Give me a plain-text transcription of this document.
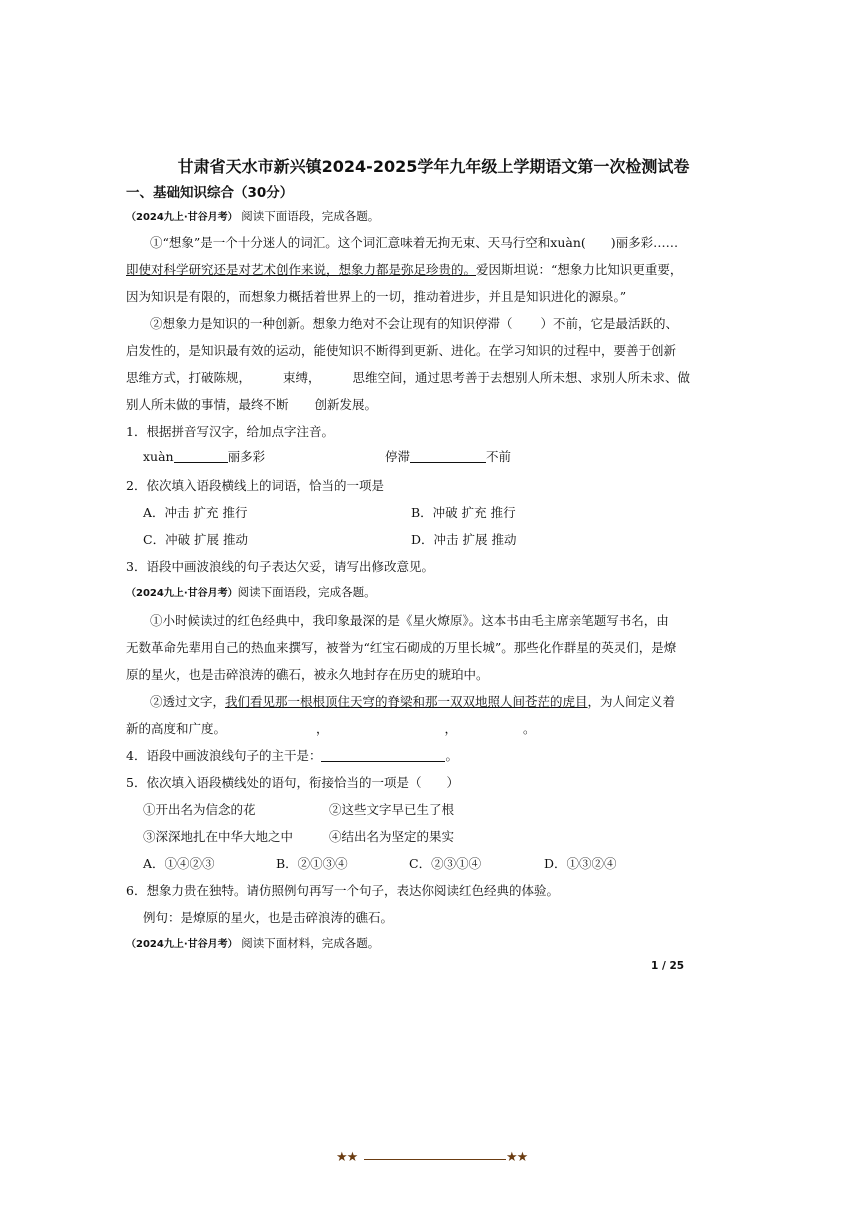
甘肃省天水市新兴镇2024-2025学年九年级上学期语文第一次检测试卷
一、基础知识综合（30分）
（2024九上·甘谷月考） 阅读下面语段，完成各题。
①“想象”是一个十分迷人的词汇。这个词汇意味着无拘无束、天马行空和xuàn(　　)丽多彩……
即使对科学研究还是对艺术创作来说，想象力都是弥足珍贵的。爱因斯坦说：“想象力比知识更重要，
因为知识是有限的，而想象力概括着世界上的一切，推动着进步，并且是知识进化的源泉。”
②想象力是知识的一种创新。想象力绝对不会让现有的知识停滞（ ）不前，它是最活跃的、
启发性的，是知识最有效的运动，能使知识不断得到更新、进化。在学习知识的过程中，要善于创新
思维方式，打破陈规，	束缚，	思维空间，通过思考善于去想别人所未想、求别人所未求、做
别人所未做的事情，最终不断 创新发展。
1．根据拼音写汉字，给加点字注音。
xuàn	丽多彩	停滞	不前
2．依次填入语段横线上的词语，恰当的一项是
A．冲击 扩充 推行	B．冲破 扩充 推行
C．冲破 扩展 推动	D．冲击 扩展 推动
3．语段中画波浪线的句子表达欠妥，请写出修改意见。
（2024九上·甘谷月考）阅读下面语段，完成各题。
①小时候读过的红色经典中，我印象最深的是《星火燎原》。这本书由毛主席亲笔题写书名，由
无数革命先辈用自己的热血来撰写，被誉为“红宝石砌成的万里长城”。那些化作群星的英灵们，是燎
原的星火，也是击碎浪涛的礁石，被永久地封存在历史的琥珀中。
②透过文字，我们看见那一根根顶住天穹的脊梁和那一双双地照人间苍茫的虎目，为人间定义着
新的高度和广度。	，	，	。
4．语段中画波浪线句子的主干是：	。
5．依次填入语段横线处的语句，衔接恰当的一项是（　　）
①开出名为信念的花	②这些文字早已生了根
③深深地扎在中华大地之中	④结出名为坚定的果实
A．①④②③	B．②①③④	C．②③①④	D．①③②④
6．想象力贵在独特。请仿照例句再写一个句子，表达你阅读红色经典的体验。
例句：是燎原的星火，也是击碎浪涛的礁石。
（2024九上·甘谷月考） 阅读下面材料，完成各题。
1 / 25
★★	★★
